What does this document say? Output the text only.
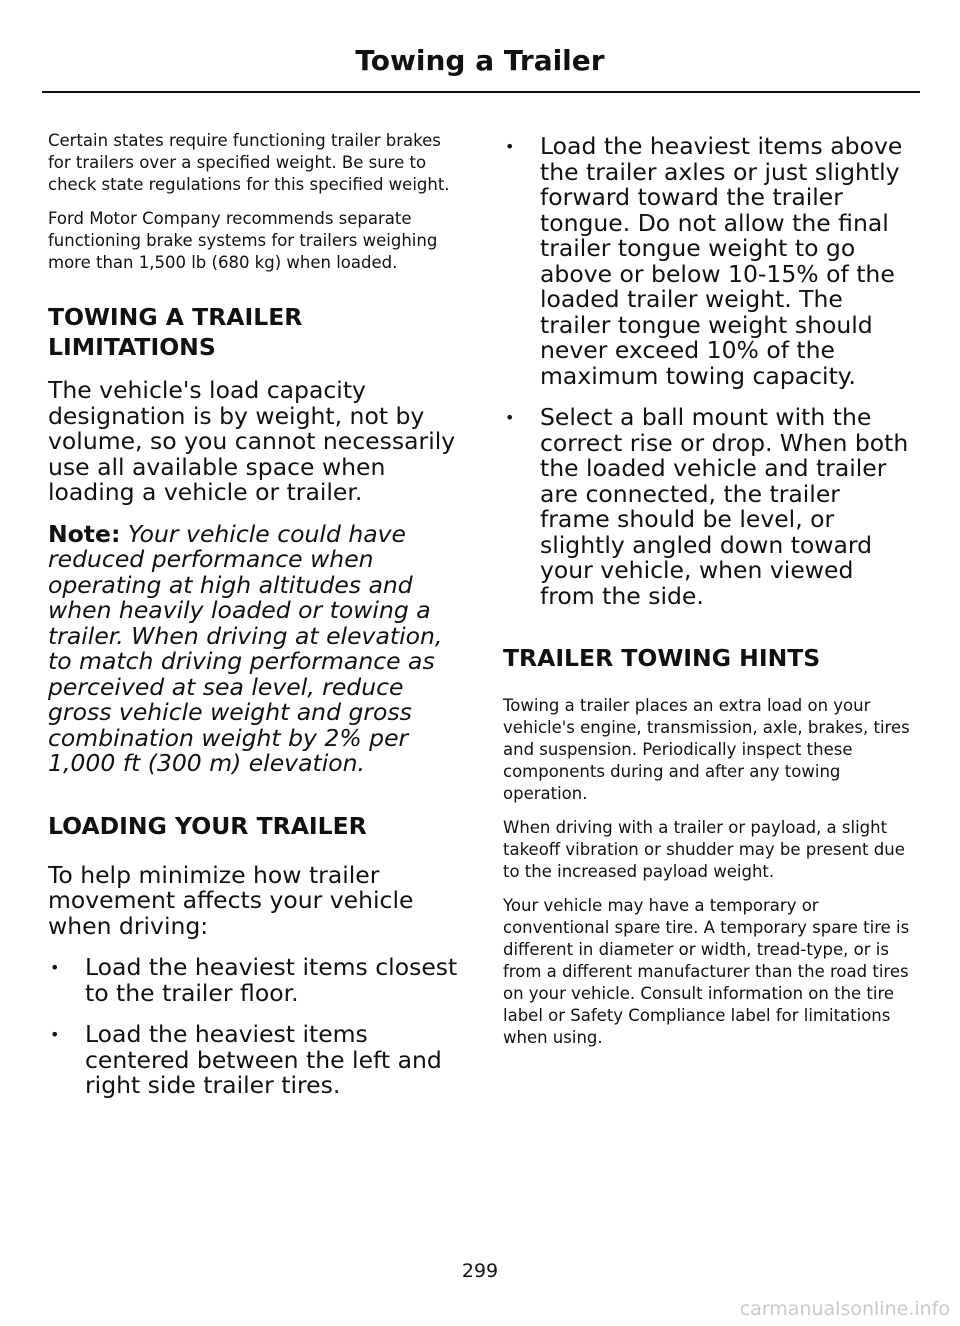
Towing a Trailer

Certain states require functioning trailer brakes for trailers over a specified weight. Be sure to check state regulations for this specified weight.

Ford Motor Company recommends separate functioning brake systems for trailers weighing more than 1,500 lb (680 kg) when loaded.

TOWING A TRAILER
LIMITATIONS

The vehicle's load capacity designation is by weight, not by volume, so you cannot necessarily use all available space when loading a vehicle or trailer.

Note: Your vehicle could have reduced performance when operating at high altitudes and when heavily loaded or towing a trailer. When driving at elevation, to match driving performance as perceived at sea level, reduce gross vehicle weight and gross combination weight by 2% per 1,000 ft (300 m) elevation.

LOADING YOUR TRAILER

To help minimize how trailer movement affects your vehicle when driving:

• Load the heaviest items closest to the trailer floor.
• Load the heaviest items centered between the left and right side trailer tires.
• Load the heaviest items above the trailer axles or just slightly forward toward the trailer tongue. Do not allow the final trailer tongue weight to go above or below 10-15% of the loaded trailer weight. The trailer tongue weight should never exceed 10% of the maximum towing capacity.
• Select a ball mount with the correct rise or drop. When both the loaded vehicle and trailer are connected, the trailer frame should be level, or slightly angled down toward your vehicle, when viewed from the side.
TRAILER TOWING HINTS

Towing a trailer places an extra load on your vehicle's engine, transmission, axle, brakes, tires and suspension. Periodically inspect these components during and after any towing operation.

When driving with a trailer or payload, a slight takeoff vibration or shudder may be present due to the increased payload weight.

Your vehicle may have a temporary or conventional spare tire. A temporary spare tire is different in diameter or width, tread-type, or is from a different manufacturer than the road tires on your vehicle. Consult information on the tire label or Safety Compliance label for limitations when using.

299
carmanualsonline.info
